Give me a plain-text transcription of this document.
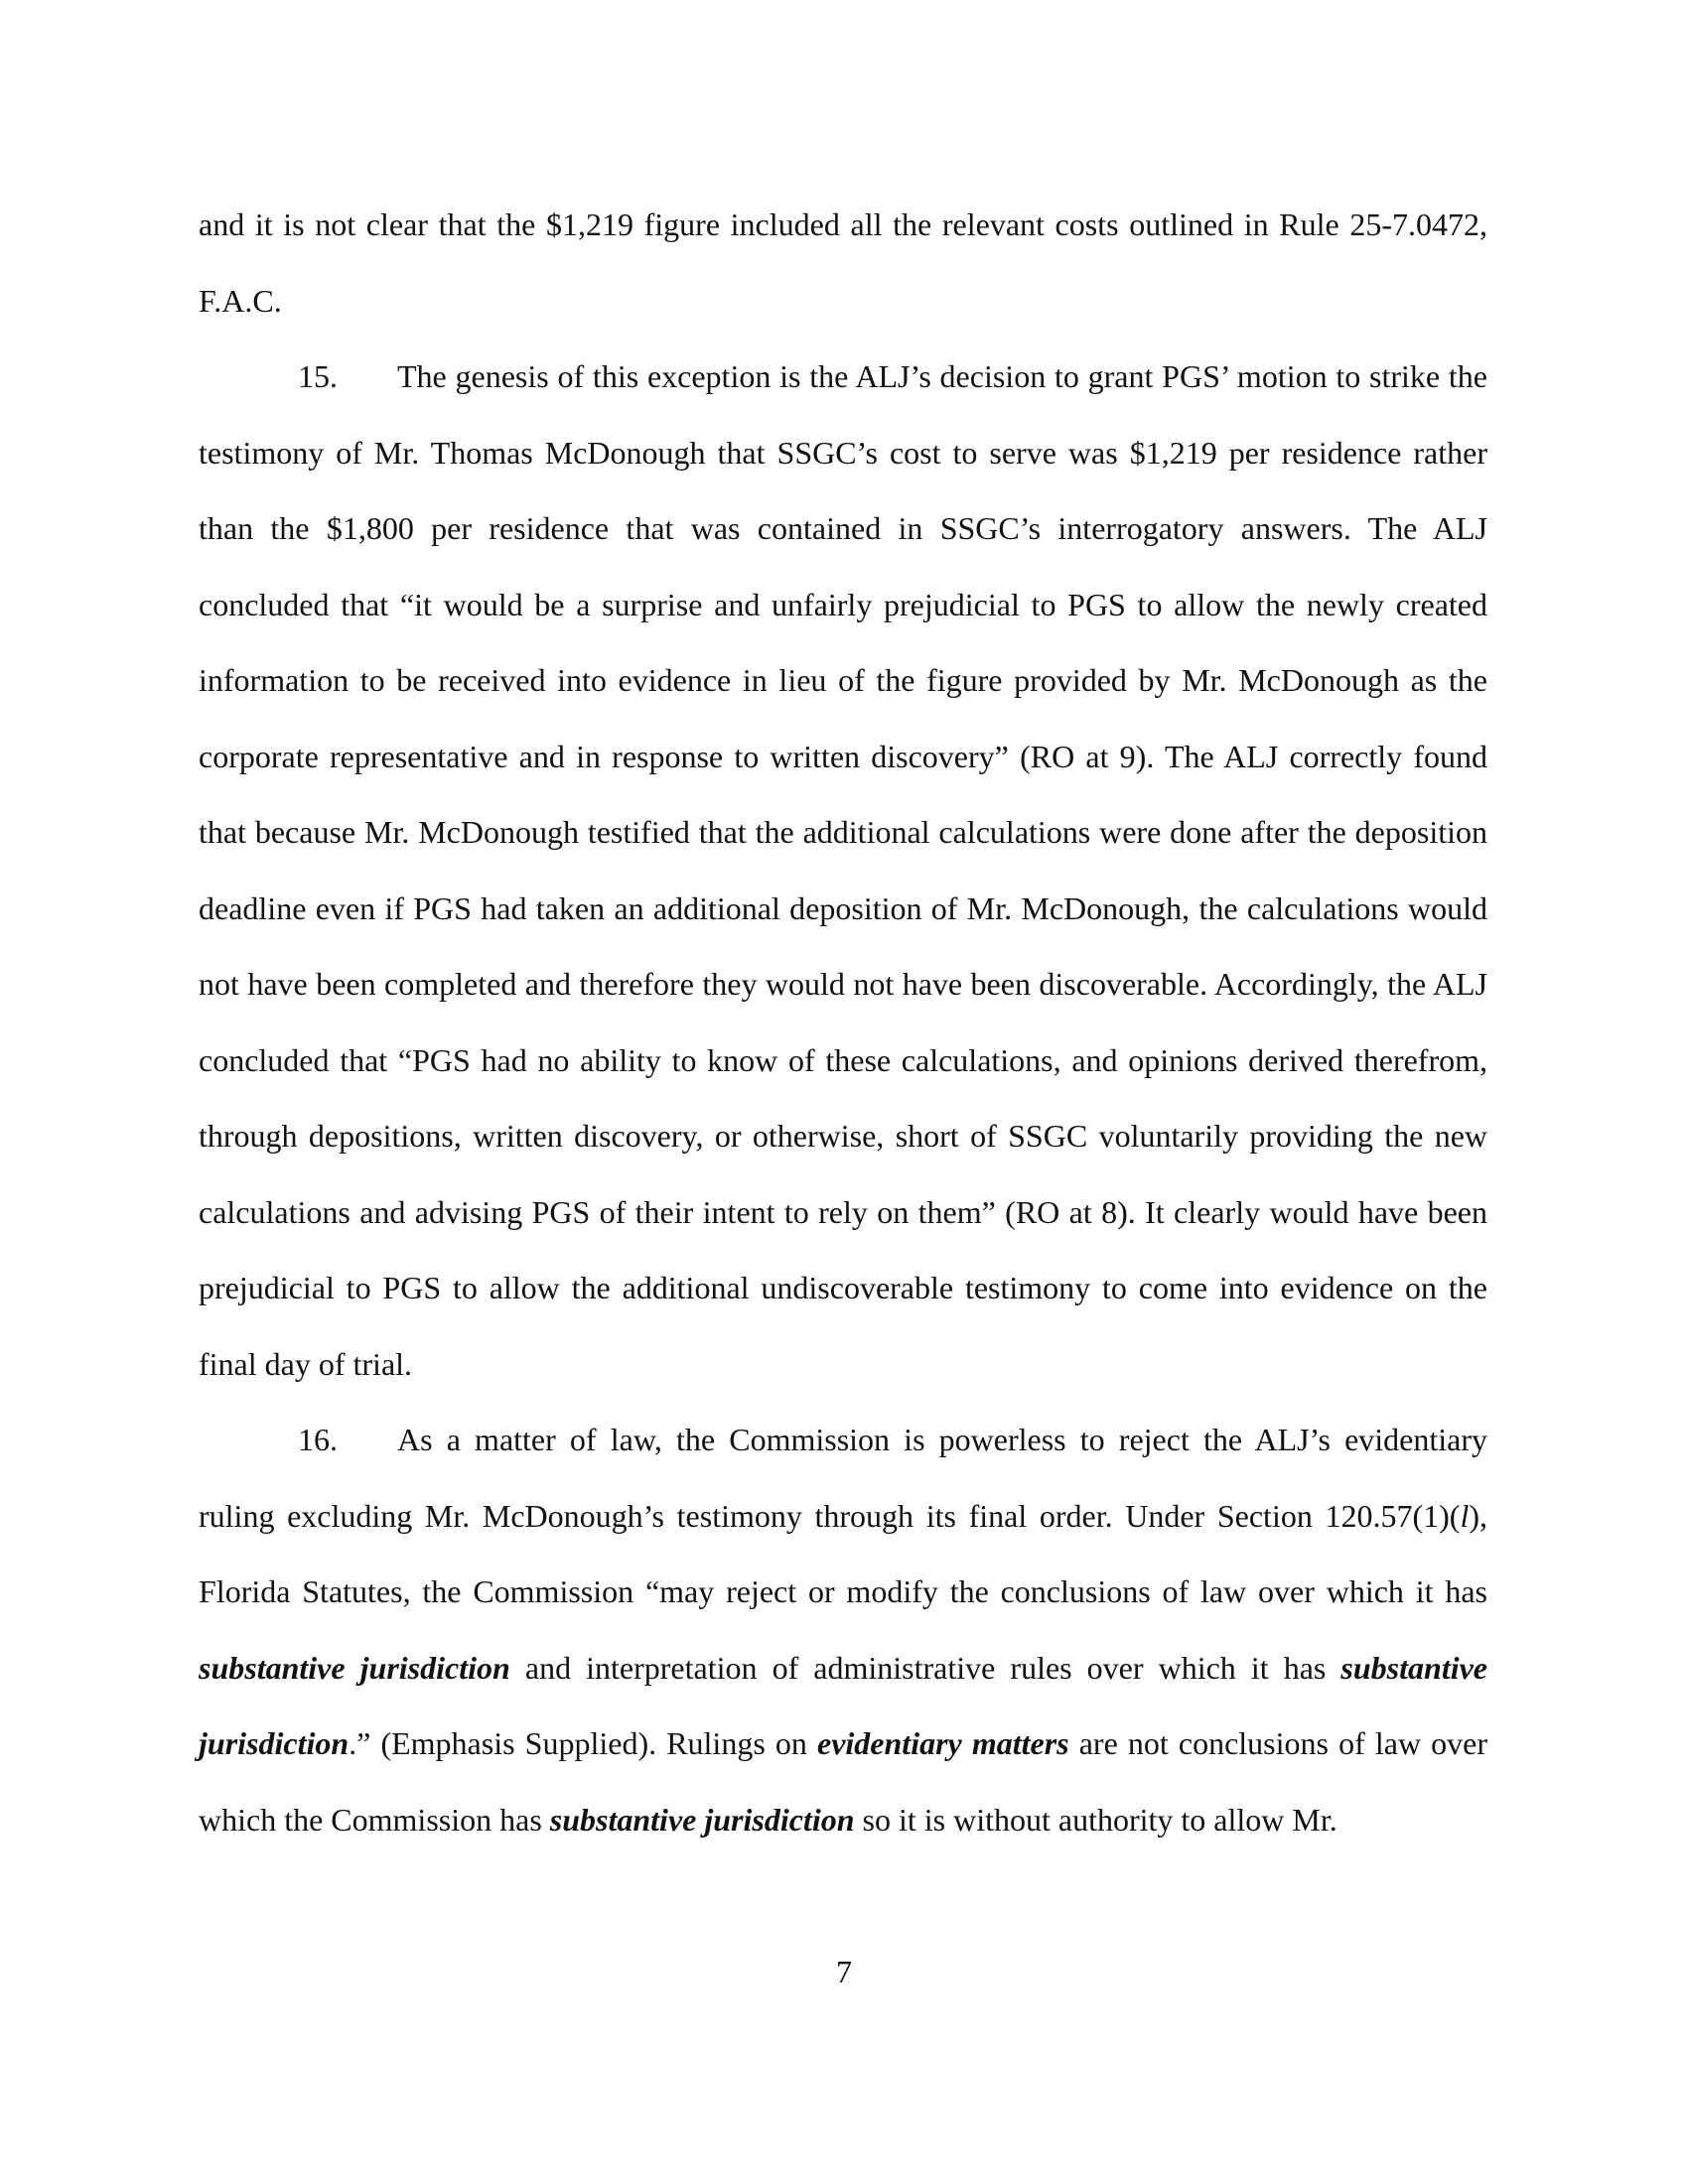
and it is not clear that the $1,219 figure included all the relevant costs outlined in Rule 25-7.0472, F.A.C.

15. The genesis of this exception is the ALJ’s decision to grant PGS’ motion to strike the testimony of Mr. Thomas McDonough that SSGC’s cost to serve was $1,219 per residence rather than the $1,800 per residence that was contained in SSGC’s interrogatory answers. The ALJ concluded that “it would be a surprise and unfairly prejudicial to PGS to allow the newly created information to be received into evidence in lieu of the figure provided by Mr. McDonough as the corporate representative and in response to written discovery” (RO at 9). The ALJ correctly found that because Mr. McDonough testified that the additional calculations were done after the deposition deadline even if PGS had taken an additional deposition of Mr. McDonough, the calculations would not have been completed and therefore they would not have been discoverable. Accordingly, the ALJ concluded that “PGS had no ability to know of these calculations, and opinions derived therefrom, through depositions, written discovery, or otherwise, short of SSGC voluntarily providing the new calculations and advising PGS of their intent to rely on them” (RO at 8). It clearly would have been prejudicial to PGS to allow the additional undiscoverable testimony to come into evidence on the final day of trial.

16. As a matter of law, the Commission is powerless to reject the ALJ’s evidentiary ruling excluding Mr. McDonough’s testimony through its final order. Under Section 120.57(1)(l), Florida Statutes, the Commission “may reject or modify the conclusions of law over which it has substantive jurisdiction and interpretation of administrative rules over which it has substantive jurisdiction.” (Emphasis Supplied). Rulings on evidentiary matters are not conclusions of law over which the Commission has substantive jurisdiction so it is without authority to allow Mr.

7
